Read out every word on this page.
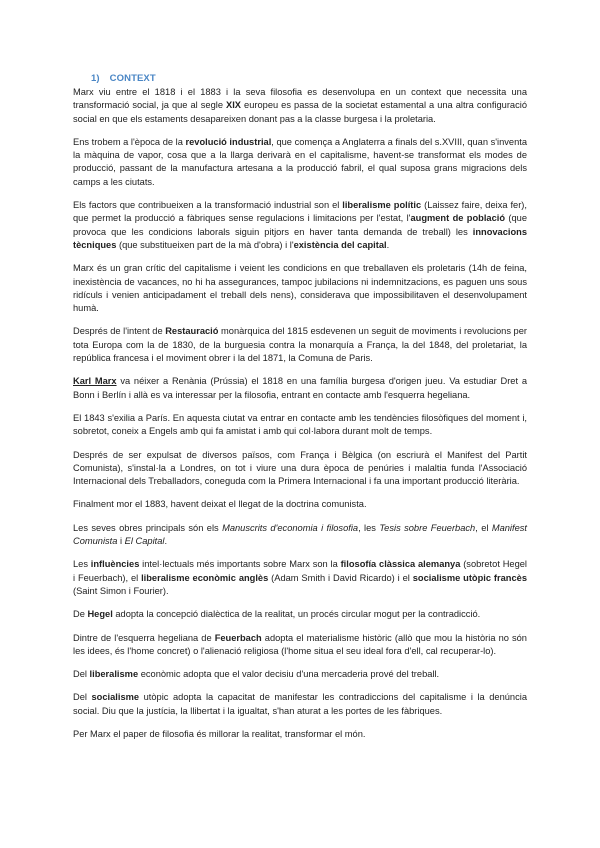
1) CONTEXT

Marx viu entre el 1818 i el 1883 i la seva filosofia es desenvolupa en un context que necessita una transformació social, ja que al segle XIX europeu es passa de la societat estamental a una altra configuració social en que els estaments desapareixen donant pas a la classe burgesa i la proletaria.

Ens trobem a l'època de la revolució industrial, que comença a Anglaterra a finals del s.XVIII, quan s'inventa la màquina de vapor, cosa que a la llarga derivarà en el capitalisme, havent-se transformat els modes de producció, passant de la manufactura artesana a la producció fabril, el qual suposa grans migracions dels camps a les ciutats.

Els factors que contribueixen a la transformació industrial son el liberalisme polític (Laissez faire, deixa fer), que permet la producció a fàbriques sense regulacions i limitacions per l'estat, l'augment de població (que provoca que les condicions laborals siguin pitjors en haver tanta demanda de treball) les innovacions tècniques (que substitueixen part de la mà d'obra) i l'existència del capital.

Marx és un gran crític del capitalisme i veient les condicions en que treballaven els proletaris (14h de feina, inexistència de vacances, no hi ha assegurances, tampoc jubilacions ni indemnitzacions, es paguen uns sous ridículs i venien anticipadament el treball dels nens), considerava que impossibilitaven el desenvolupament humà.

Després de l'intent de Restauració monàrquica del 1815 esdevenen un seguit de moviments i revolucions per tota Europa com la de 1830, de la burguesia contra la monarquía a França, la del 1848, del proletariat, la república francesa i el moviment obrer i la del 1871, la Comuna de Paris.

Karl Marx va néixer a Renània (Prússia) el 1818 en una família burgesa d'origen jueu. Va estudiar Dret a Bonn i Berlín i allà es va interessar per la filosofia, entrant en contacte amb l'esquerra hegeliana.

El 1843 s'exilia a París. En aquesta ciutat va entrar en contacte amb les tendències filosòfiques del moment i, sobretot, coneix a Engels amb qui fa amistat i amb qui col·labora durant molt de temps.

Després de ser expulsat de diversos països, com França i Bèlgica (on escriurà el Manifest del Partit Comunista), s'instal·la a Londres, on tot i viure una dura època de penúries i malaltia funda l'Associació Internacional dels Treballadors, coneguda com la Primera Internacional i fa una important producció literària.

Finalment mor el 1883, havent deixat el llegat de la doctrina comunista.

Les seves obres principals són els Manuscrits d'economia i filosofia, les Tesis sobre Feuerbach, el Manifest Comunista i El Capital.

Les influències intel·lectuals més importants sobre Marx son la filosofía clàssica alemanya (sobretot Hegel i Feuerbach), el liberalisme econòmic anglès (Adam Smith i David Ricardo) i el socialisme utòpic francès (Saint Simon i Fourier).

De Hegel adopta la concepció dialèctica de la realitat, un procés circular mogut per la contradicció.

Dintre de l'esquerra hegeliana de Feuerbach adopta el materialisme històric (allò que mou la història no són les idees, és l'home concret) o l'alienació religiosa (l'home situa el seu ideal fora d'ell, cal recuperar-lo).

Del liberalisme econòmic adopta que el valor decisiu d'una mercaderia prové del treball.

Del socialisme utòpic adopta la capacitat de manifestar les contradiccions del capitalisme i la denúncia social. Diu que la justícia, la llibertat i la igualtat, s'han aturat a les portes de les fàbriques.

Per Marx el paper de filosofia és millorar la realitat, transformar el món.
